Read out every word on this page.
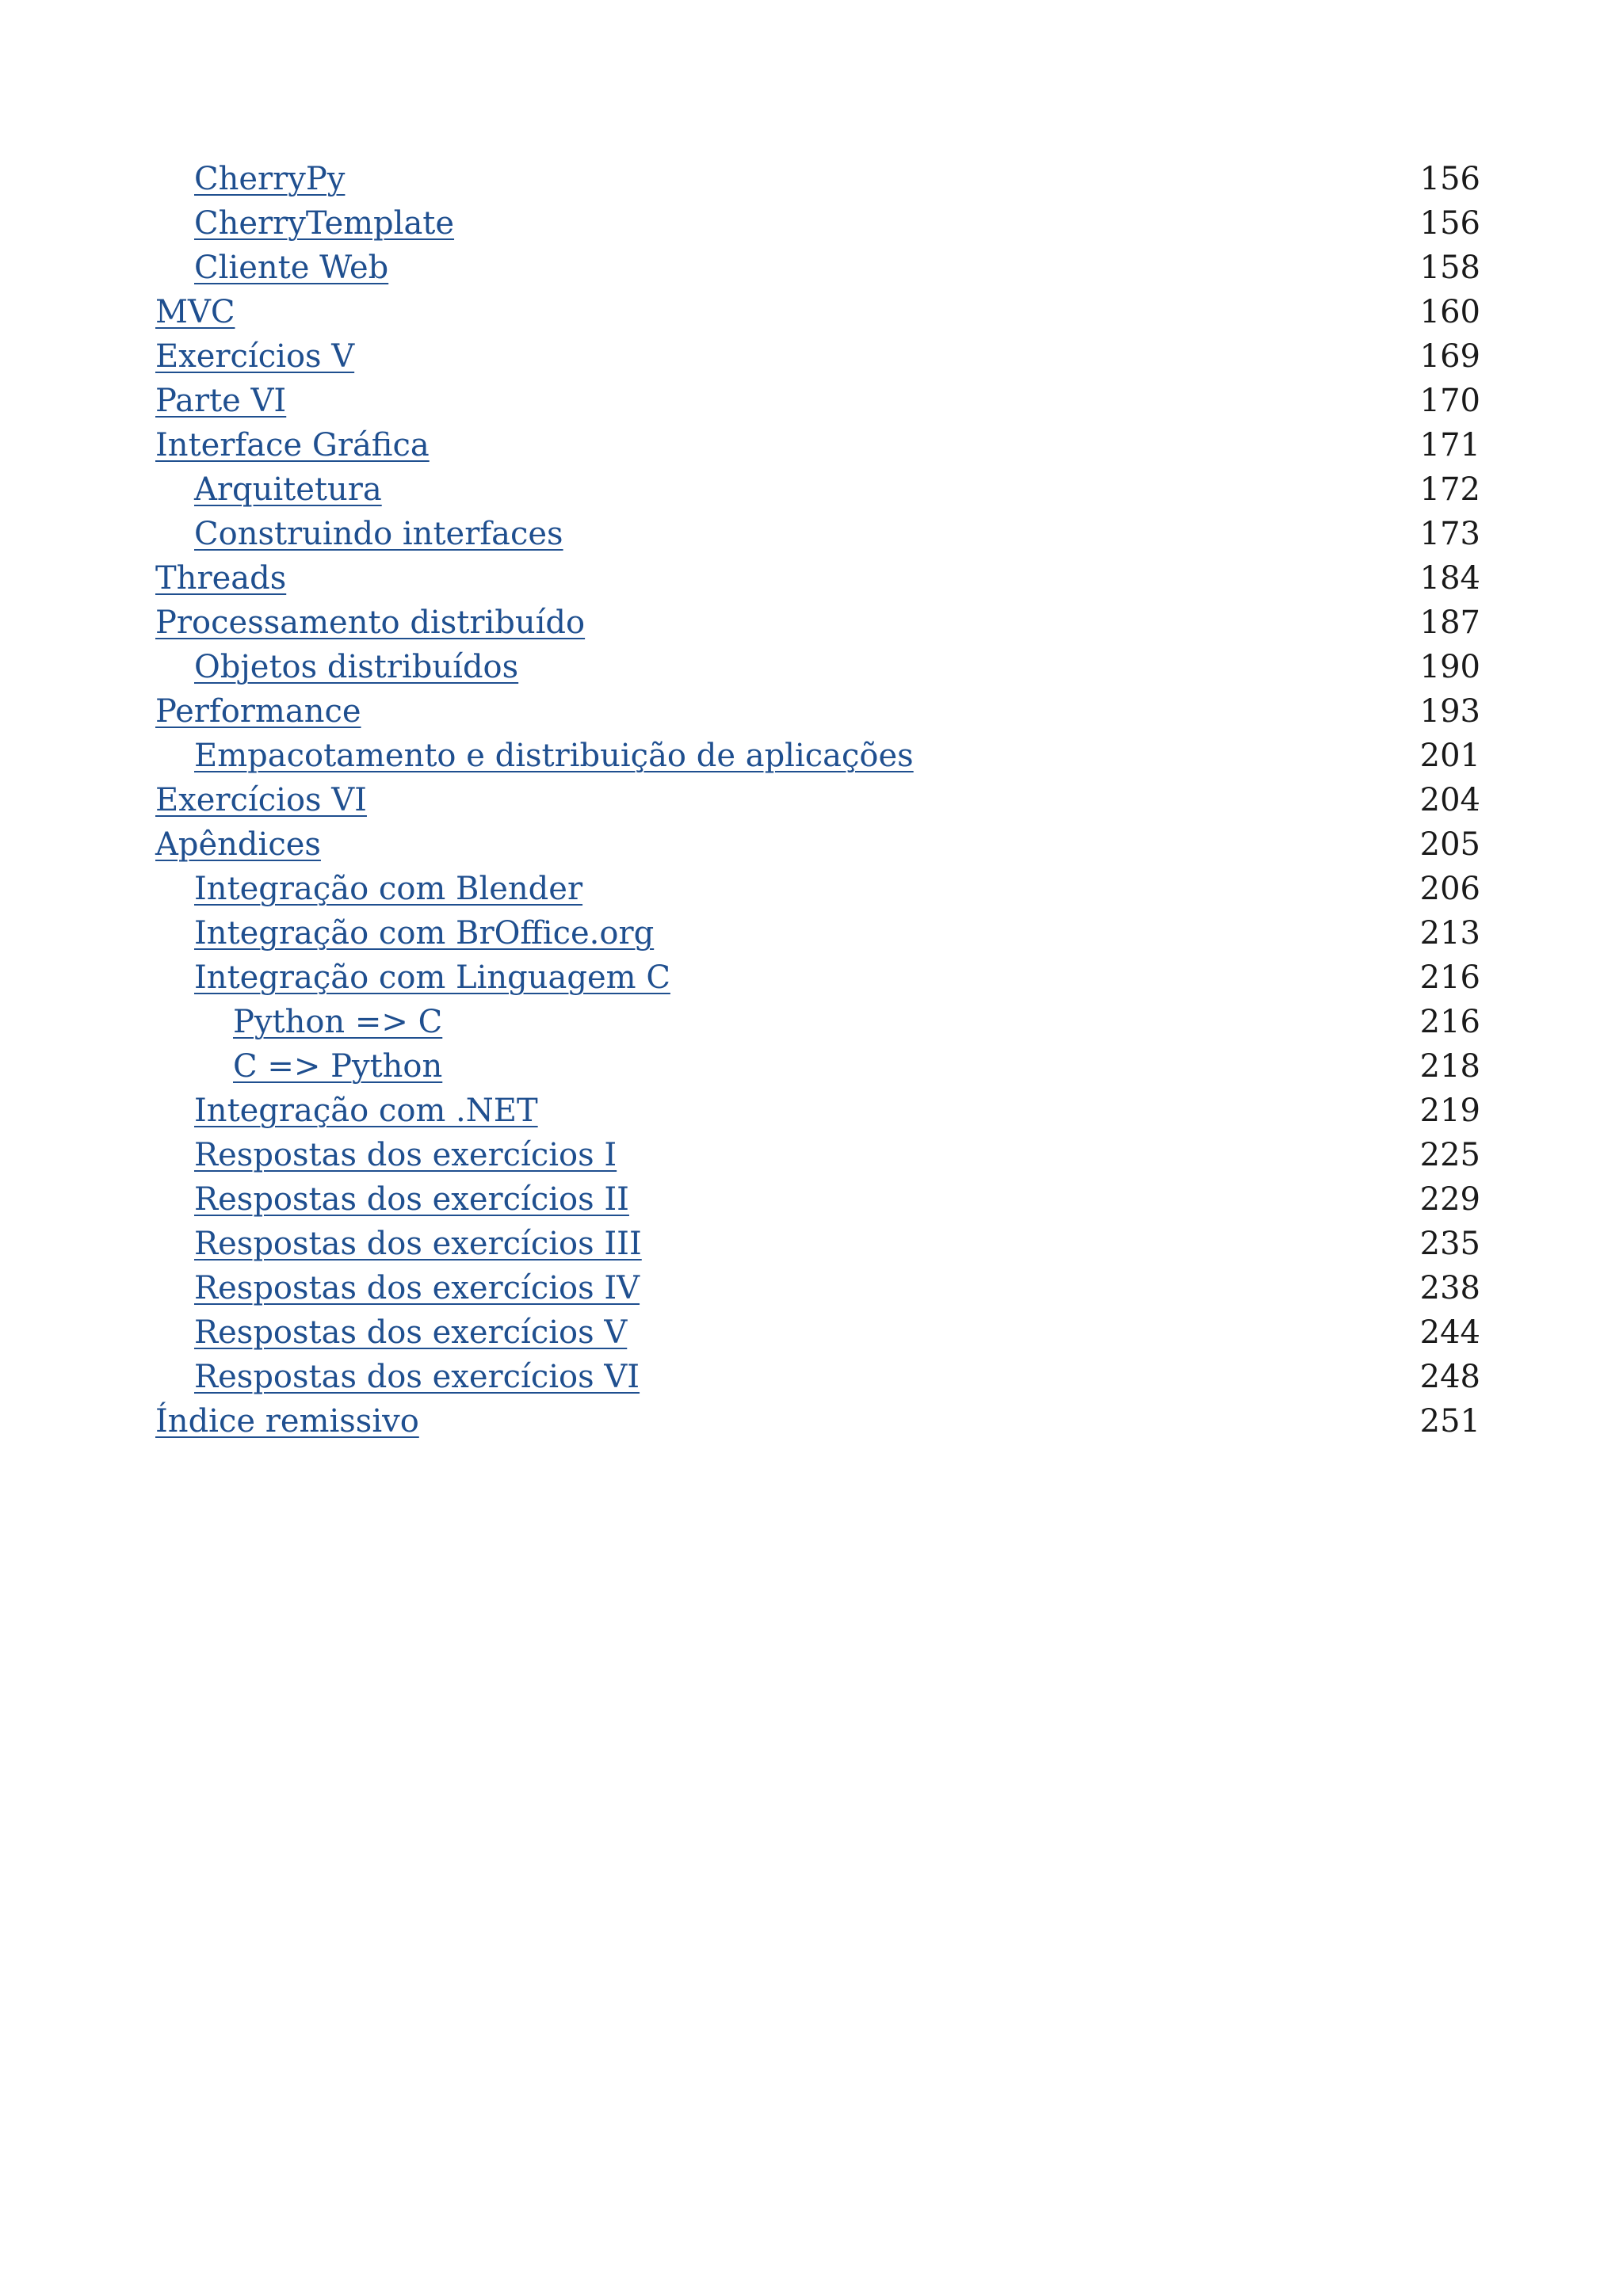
CherryPy	156
CherryTemplate	156
Cliente Web	158
MVC	160
Exercícios V	169
Parte VI	170
Interface Gráfica	171
Arquitetura	172
Construindo interfaces	173
Threads	184
Processamento distribuído	187
Objetos distribuídos	190
Performance	193
Empacotamento e distribuição de aplicações	201
Exercícios VI	204
Apêndices	205
Integração com Blender	206
Integração com BrOffice.org	213
Integração com Linguagem C	216
Python => C	216
C => Python	218
Integração com .NET	219
Respostas dos exercícios I	225
Respostas dos exercícios II	229
Respostas dos exercícios III	235
Respostas dos exercícios IV	238
Respostas dos exercícios V	244
Respostas dos exercícios VI	248
Índice remissivo	251
